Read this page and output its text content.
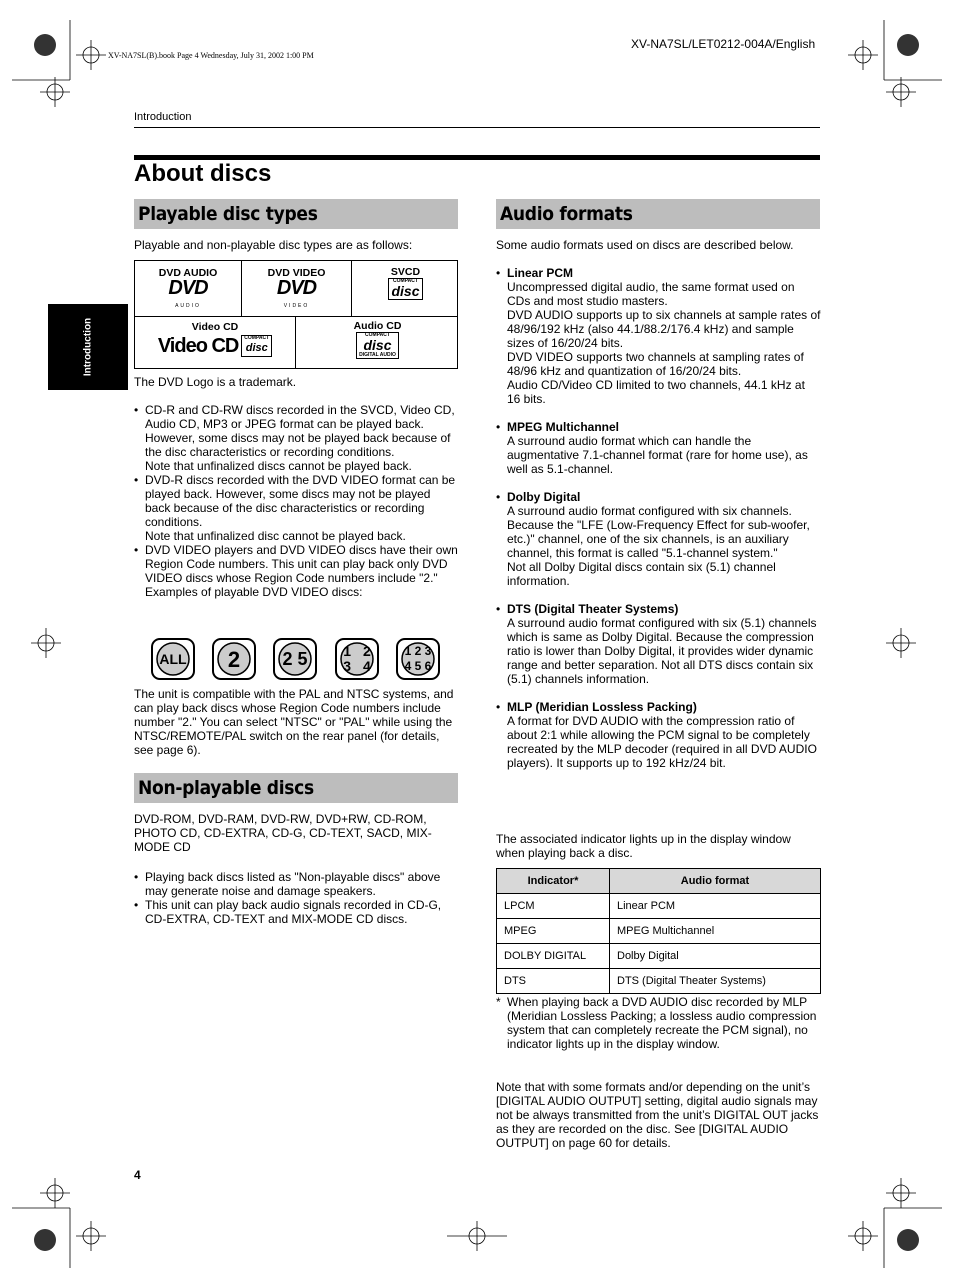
XV-NA7SL/LET0212-004A/English
XV-NA7SL(B).book Page 4 Wednesday, July 31, 2002 1:00 PM
Introduction
About discs
Introduction
Playable disc types
Playable and non-playable disc types are as follows:
DVD AUDIO
DVD
AUDIO
DVD VIDEO
DVD
VIDEO
SVCD
COMPACT
disc
Video CD
Video CD COMPACT
disc
Audio CD
COMPACT
disc
DIGITAL AUDIO
The DVD Logo is a trademark.
• CD-R and CD-RW discs recorded in the SVCD, Video CD, Audio CD, MP3 or JPEG format can be played back. However, some discs may not be played back because of the disc characteristics or recording conditions.
Note that unfinalized discs cannot be played back.
• DVD-R discs recorded with the DVD VIDEO format can be played back. However, some discs may not be played back because of the disc characteristics or recording conditions.
Note that unfinalized disc cannot be played back.
• DVD VIDEO players and DVD VIDEO discs have their own Region Code numbers. This unit can play back only DVD VIDEO discs whose Region Code numbers include "2."
Examples of playable DVD VIDEO discs:
ALL	2	2 5	1 2 3 4
1 2 3 4 5 6
The unit is compatible with the PAL and NTSC systems, and can play back discs whose Region Code numbers include number "2." You can select "NTSC" or "PAL" while using the NTSC/REMOTE/PAL switch on the rear panel (for details, see page 6).
Non-playable discs
DVD-ROM, DVD-RAM, DVD-RW, DVD+RW, CD-ROM, PHOTO CD, CD-EXTRA, CD-G, CD-TEXT, SACD, MIX-MODE CD
• Playing back discs listed as "Non-playable discs" above may generate noise and damage speakers.
• This unit can play back audio signals recorded in CD-G, CD-EXTRA, CD-TEXT and MIX-MODE CD discs.
Audio formats
Some audio formats used on discs are described below.
• Linear PCM
Uncompressed digital audio, the same format used on CDs and most studio masters.
DVD AUDIO supports up to six channels at sample rates of 48/96/192 kHz (also 44.1/88.2/176.4 kHz) and sample sizes of 16/20/24 bits.
DVD VIDEO supports two channels at sampling rates of 48/96 kHz and quantization of 16/20/24 bits.
Audio CD/Video CD limited to two channels, 44.1 kHz at 16 bits.
• MPEG Multichannel
A surround audio format which can handle the augmentative 7.1-channel format (rare for home use), as well as 5.1-channel.
• Dolby Digital
A surround audio format configured with six channels. Because the "LFE (Low-Frequency Effect for sub-woofer, etc.)" channel, one of the six channels, is an auxiliary channel, this format is called "5.1-channel system."
Not all Dolby Digital discs contain six (5.1) channel information.
• DTS (Digital Theater Systems)
A surround audio format configured with six (5.1) channels which is same as Dolby Digital. Because the compression ratio is lower than Dolby Digital, it provides wider dynamic range and better separation. Not all DTS discs contain six (5.1) channels information.
• MLP (Meridian Lossless Packing)
A format for DVD AUDIO with the compression ratio of about 2:1 while allowing the PCM signal to be completely recreated by the MLP decoder (required in all DVD AUDIO players). It supports up to 192 kHz/24 bit.
The associated indicator lights up in the display window when playing back a disc.
Indicator*	Audio format
LPCM	Linear PCM
MPEG	MPEG Multichannel
DOLBY DIGITAL	Dolby Digital
DTS	DTS (Digital Theater Systems)
* When playing back a DVD AUDIO disc recorded by MLP (Meridian Lossless Packing; a lossless audio compression system that can completely recreate the PCM signal), no indicator lights up in the display window.
Note that with some formats and/or depending on the unit’s [DIGITAL AUDIO OUTPUT] setting, digital audio signals may not be always transmitted from the unit’s DIGITAL OUT jacks as they are recorded on the disc. See [DIGITAL AUDIO OUTPUT] on page 60 for details.
4
